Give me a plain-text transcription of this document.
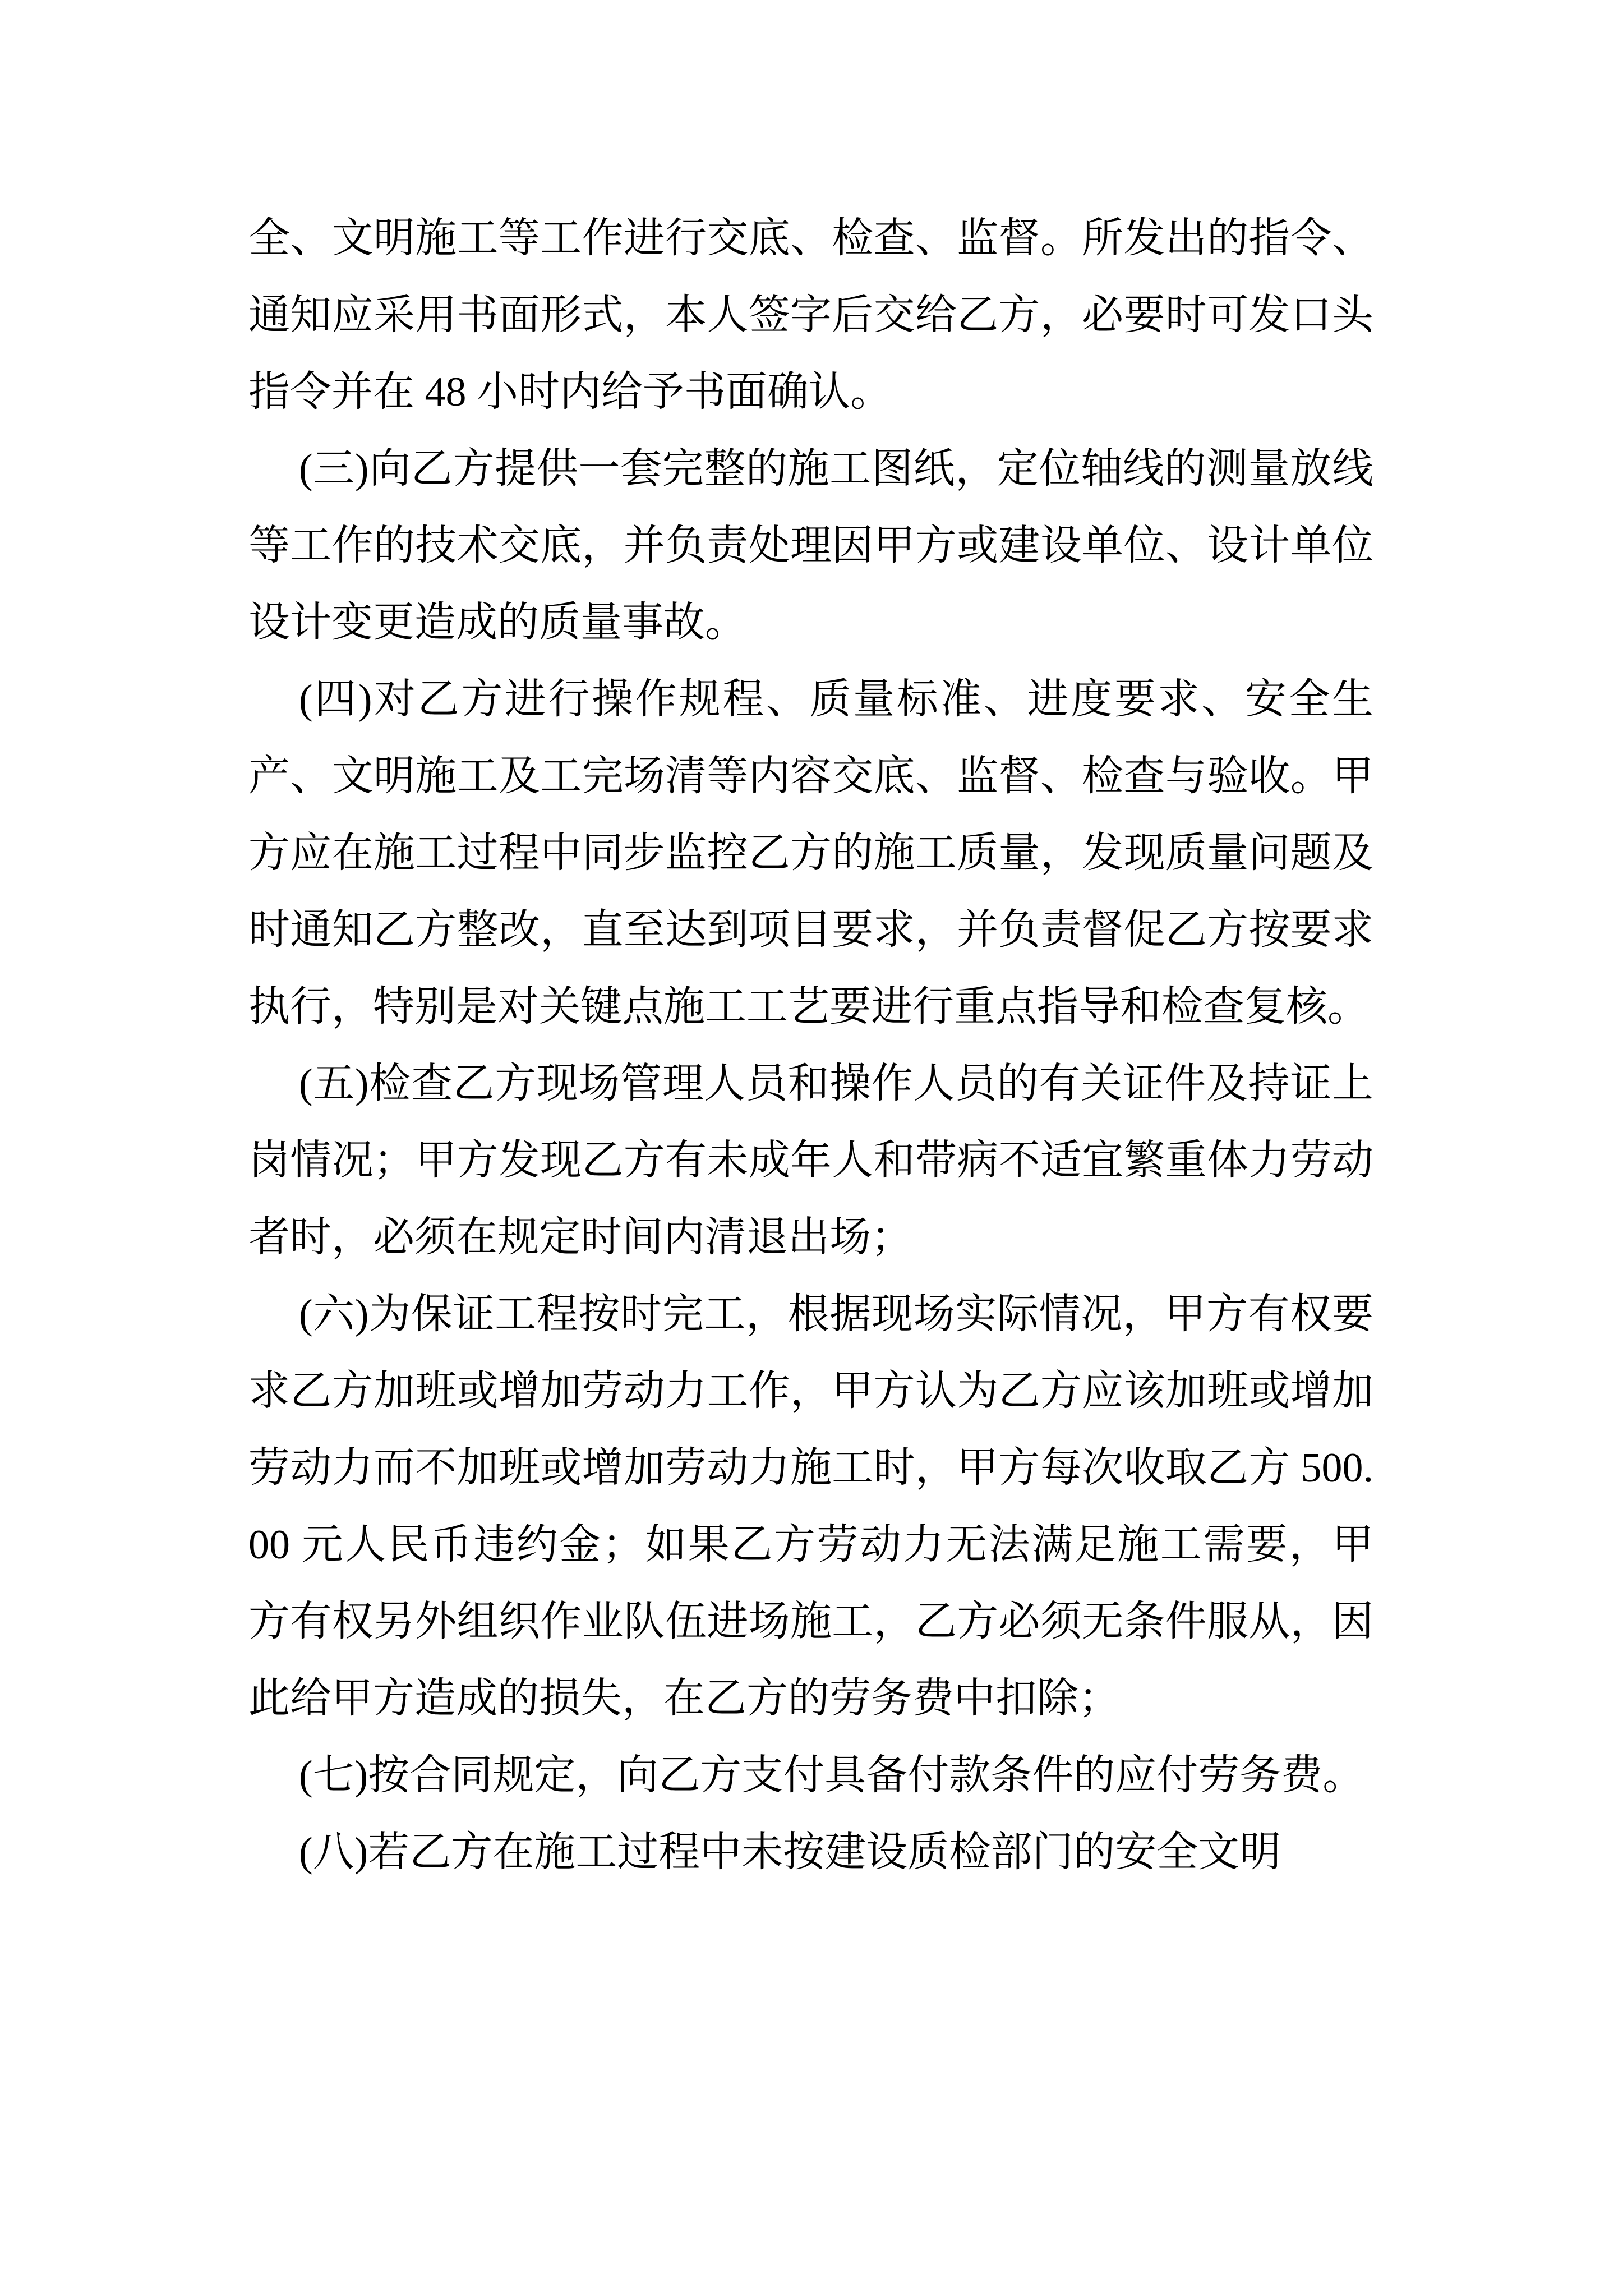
全、文明施工等工作进行交底、检查、监督。所发出的指令、通知应采用书面形式，本人签字后交给乙方，必要时可发口头指令并在 48 小时内给予书面确认。

(三)向乙方提供一套完整的施工图纸，定位轴线的测量放线等工作的技术交底，并负责处理因甲方或建设单位、设计单位设计变更造成的质量事故。

(四)对乙方进行操作规程、质量标准、进度要求、安全生产、文明施工及工完场清等内容交底、监督、检查与验收。甲方应在施工过程中同步监控乙方的施工质量，发现质量问题及时通知乙方整改，直至达到项目要求，并负责督促乙方按要求执行，特别是对关键点施工工艺要进行重点指导和检查复核。

(五)检查乙方现场管理人员和操作人员的有关证件及持证上岗情况；甲方发现乙方有未成年人和带病不适宜繁重体力劳动者时，必须在规定时间内清退出场；

(六)为保证工程按时完工，根据现场实际情况，甲方有权要求乙方加班或增加劳动力工作，甲方认为乙方应该加班或增加劳动力而不加班或增加劳动力施工时，甲方每次收取乙方 500.00 元人民币违约金；如果乙方劳动力无法满足施工需要，甲方有权另外组织作业队伍进场施工，乙方必须无条件服从，因此给甲方造成的损失，在乙方的劳务费中扣除；

(七)按合同规定，向乙方支付具备付款条件的应付劳务费。

(八)若乙方在施工过程中未按建设质检部门的安全文明
